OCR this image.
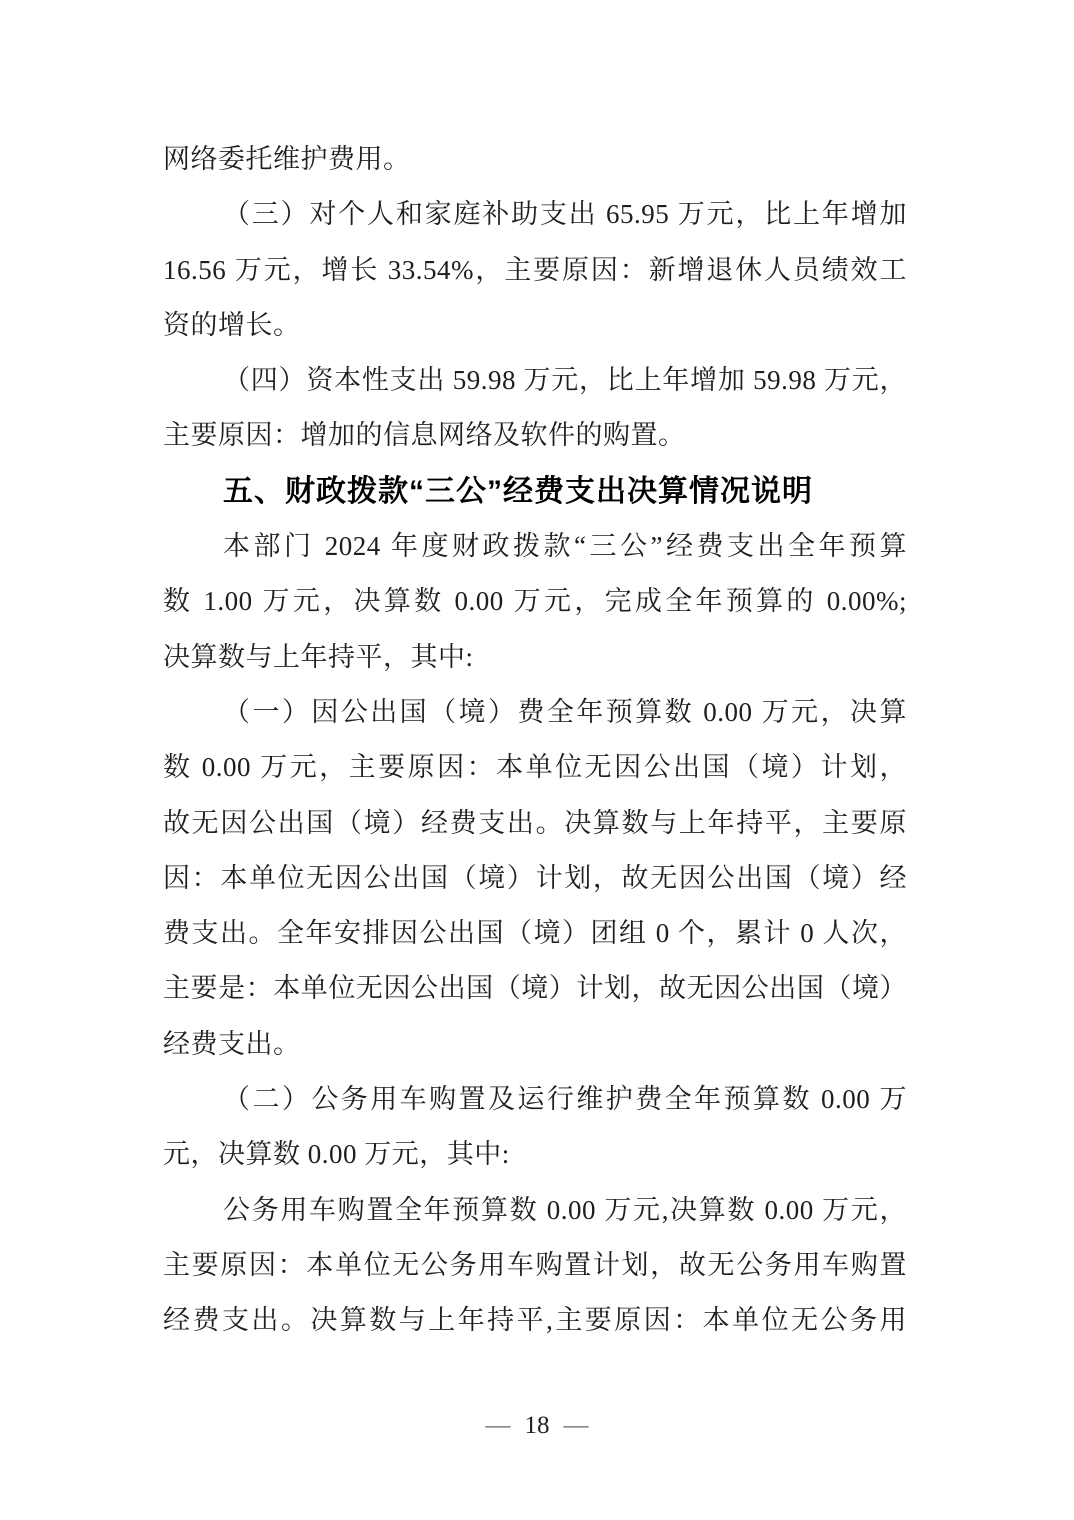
网络委托维护费用。
（三）对个人和家庭补助支出 65.95 万元，比上年增加
16.56 万元，增长 33.54%，主要原因：新增退休人员绩效工
资的增长。
（四）资本性支出 59.98 万元，比上年增加 59.98 万元，
主要原因：增加的信息网络及软件的购置。
五、财政拨款“三公”经费支出决算情况说明
本部门 2024 年度财政拨款“三公”经费支出全年预算
数 1.00 万元，决算数 0.00 万元，完成全年预算的 0.00%;
决算数与上年持平，其中:
（一）因公出国（境）费全年预算数 0.00 万元，决算
数 0.00 万元，主要原因：本单位无因公出国（境）计划，
故无因公出国（境）经费支出。决算数与上年持平，主要原
因：本单位无因公出国（境）计划，故无因公出国（境）经
费支出。全年安排因公出国（境）团组 0 个，累计 0 人次，
主要是：本单位无因公出国（境）计划，故无因公出国（境）
经费支出。
（二）公务用车购置及运行维护费全年预算数 0.00 万
元，决算数 0.00 万元，其中:
公务用车购置全年预算数 0.00 万元,决算数 0.00 万元，
主要原因：本单位无公务用车购置计划，故无公务用车购置
经费支出。决算数与上年持平,主要原因：本单位无公务用
— 18 —
